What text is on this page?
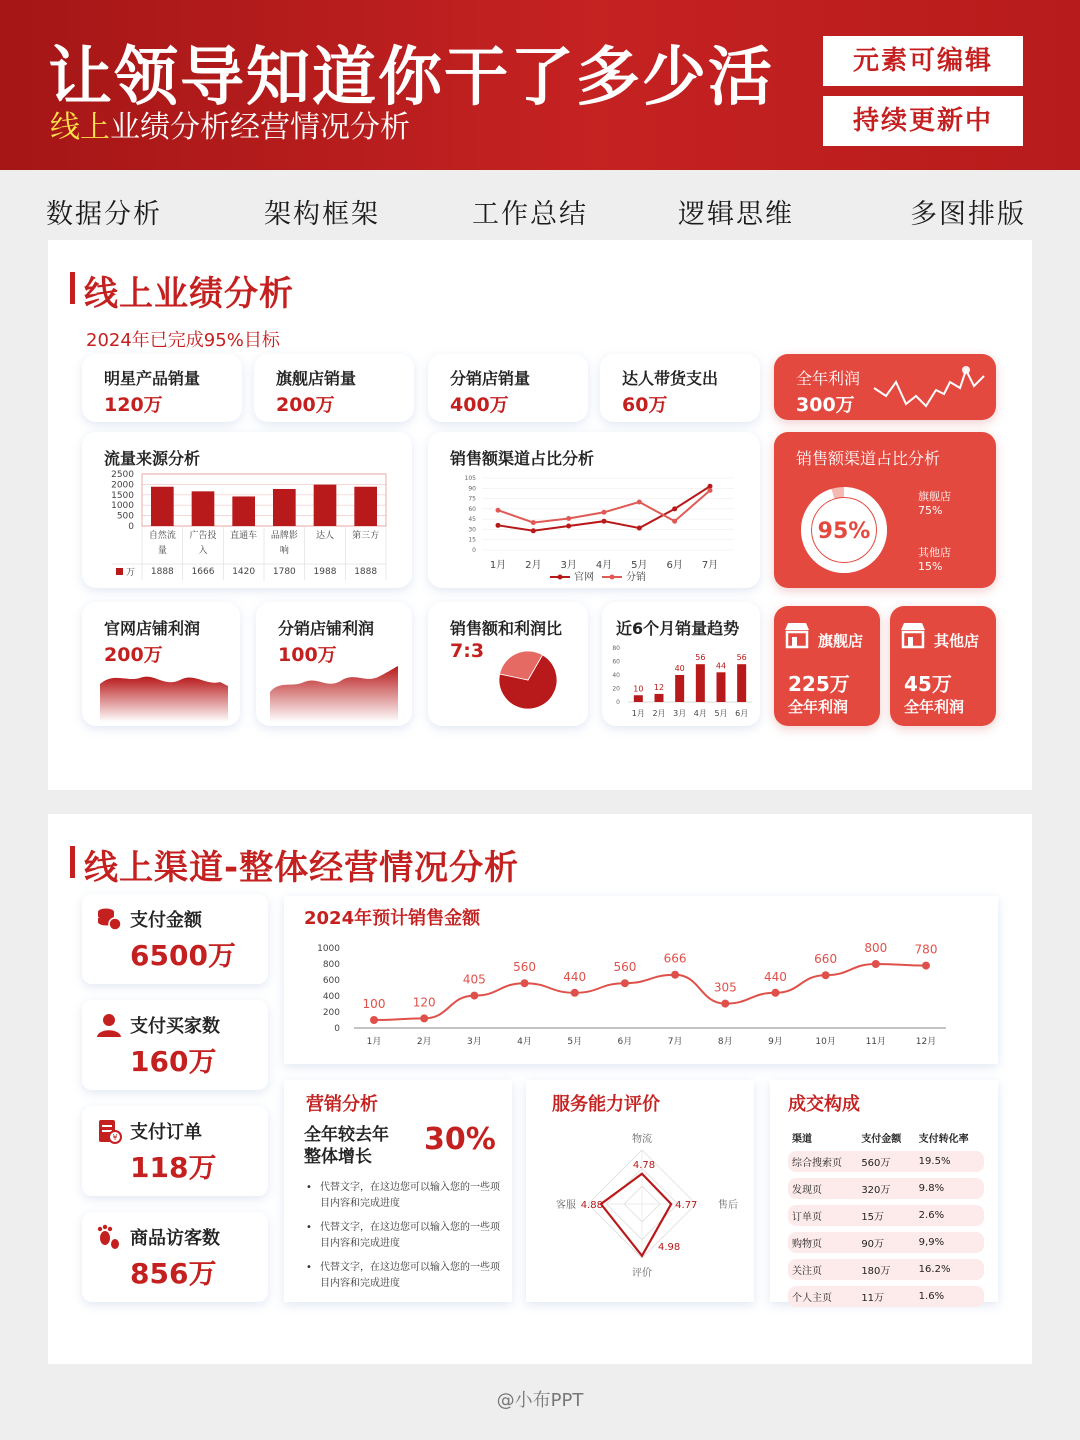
让领导知道你干了多少活
线上业绩分析经营情况分析
元素可编辑
持续更新中
数据分析	架构框架	工作总结	逻辑思维	多图排版
线上业绩分析
2024年已完成95%目标
明星产品销量
120万
旗舰店销量
200万
分销店销量
400万
达人带货支出
60万
全年利润
300万
流量来源分析
0
500
1000
1500
2000
2500
自然流
量
1888
广告投
入
1666
直通车
1420
品牌影
响
1780
达人
1988
第三方
1888
万
销售额渠道占比分析
0
15
30
45
60
75
90
105
1月 2月 3月 4月 5月 6月 7月
官网	分销
销售额渠道占比分析
95%
旗舰店
75%
其他店
15%
官网店铺利润
200万
分销店铺利润
100万
销售额和利润比
7:3
近6个月销量趋势
0
20
40
60
80
10
1月
12
2月
40
3月
56
4月
44
5月
56
6月
旗舰店
225万
全年利润
其他店
45万
全年利润
线上渠道-整体经营情况分析
支付金额
6500万
支付买家数
160万
¥ 支付订单
118万
商品访客数
856万
2024年预计销售金额
0
200
400
600
800
1000
100
1月
120
2月
405
3月
560
4月
440
5月
560
6月
666
7月
305
8月
440
9月
660
10月
800
11月
780
12月
营销分析
全年较去年
整体增长	30%
• 代替文字，在这边您可以输入您的一些项目内容和完成进度
• 代替文字，在这边您可以输入您的一些项目内容和完成进度
• 代替文字，在这边您可以输入您的一些项目内容和完成进度
服务能力评价
物流
售后
评价
客服
4.78
4.77
4.98
4.88
成交构成
渠道	支付金额	支付转化率
综合搜索页	560万	19.5%
发现页	320万	9.8%
订单页	15万	2.6%
购物页	90万	9,9%
关注页	180万	16.2%
个人主页	11万	1.6%
@小布PPT
